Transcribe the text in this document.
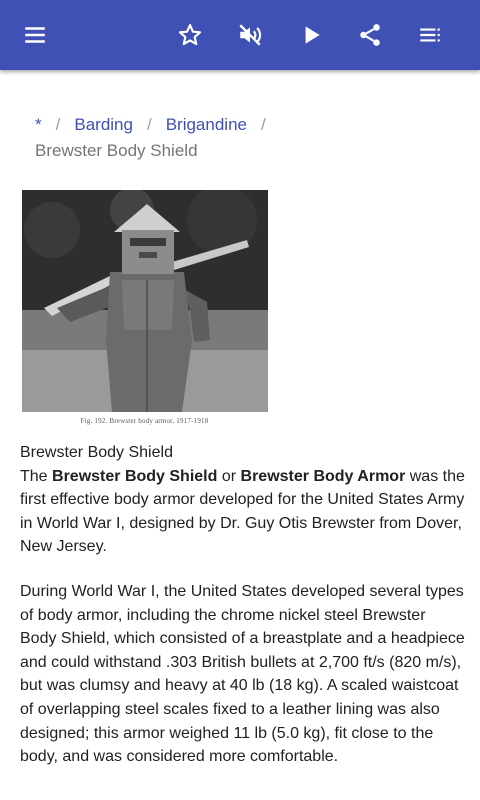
* / Barding / Brigandine /
Brewster Body Shield
Fig. 192. Brewster body armor, 1917-1918

Brewster Body Shield

The Brewster Body Shield or Brewster Body Armor was the first effective body armor developed for the United States Army in World War I, designed by Dr. Guy Otis Brewster from Dover, New Jersey.

During World War I, the United States developed several types of body armor, including the chrome nickel steel Brewster Body Shield, which consisted of a breastplate and a headpiece and could withstand .303 British bullets at 2,700 ft/s (820 m/s), but was clumsy and heavy at 40 lb (18 kg). A scaled waistcoat of overlapping steel scales fixed to a leather lining was also designed; this armor weighed 11 lb (5.0 kg), fit close to the body, and was considered more comfortable.
